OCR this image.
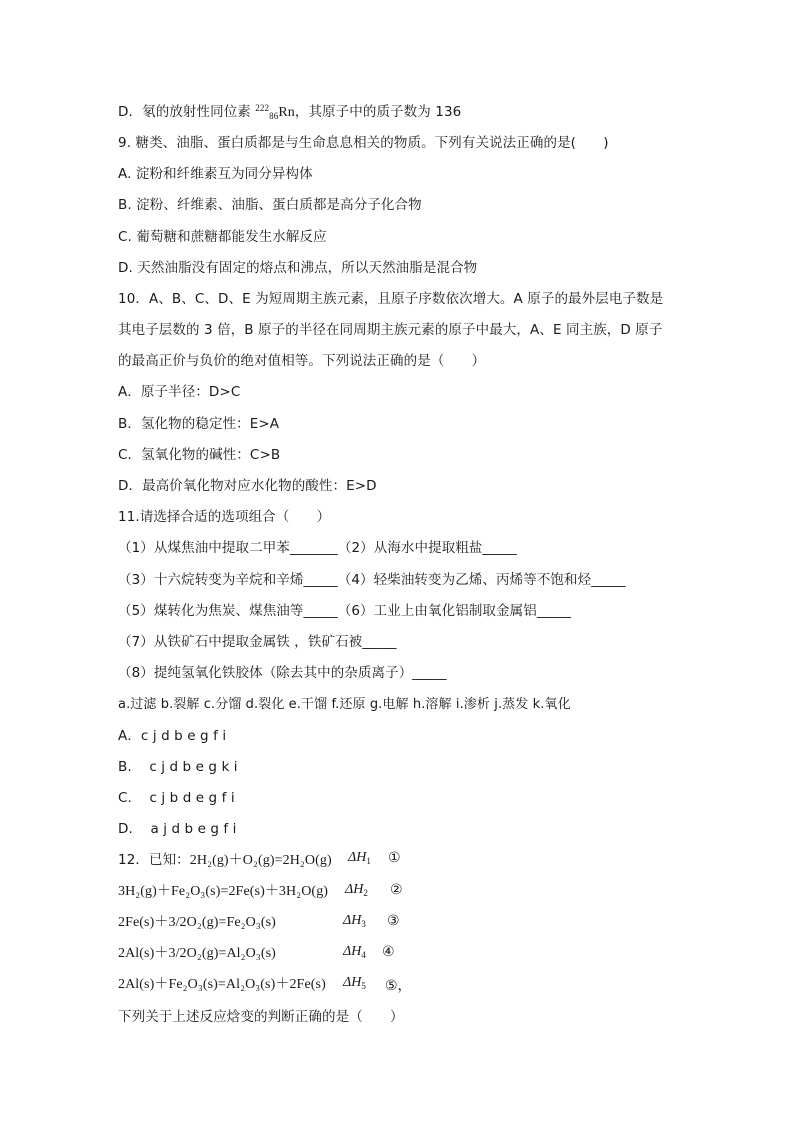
D．氡的放射性同位素 $^{222}_{86}$Rn，其原子中的质子数为 136
9. 糖类、油脂、蛋白质都是与生命息息相关的物质。下列有关说法正确的是(　　)
A. 淀粉和纤维素互为同分异构体
B. 淀粉、纤维素、油脂、蛋白质都是高分子化合物
C. 葡萄糖和蔗糖都能发生水解反应
D. 天然油脂没有固定的熔点和沸点，所以天然油脂是混合物
10．A、B、C、D、E 为短周期主族元素，且原子序数依次增大。A 原子的最外层电子数是
其电子层数的 3 倍，B 原子的半径在同周期主族元素的原子中最大，A、E 同主族，D 原子
的最高正价与负价的绝对值相等。下列说法正确的是（　　）
A．原子半径：D>C
B．氢化物的稳定性：E>A
C．氢氧化物的碱性：C>B
D．最高价氧化物对应水化物的酸性：E>D
11.请选择合适的选项组合（　　）
（1）从煤焦油中提取二甲苯_______（2）从海水中提取粗盐_____
（3）十六烷转变为辛烷和辛烯_____（4）轻柴油转变为乙烯、丙烯等不饱和烃_____
（5）煤转化为焦炭、煤焦油等_____（6）工业上由氧化铝制取金属铝_____
（7）从铁矿石中提取金属铁 ，铁矿石被_____
（8）提纯氢氧化铁胶体（除去其中的杂质离子）_____
a.过滤 b.裂解 c.分馏 d.裂化 e.干馏 f.还原 g.电解 h.溶解 i.渗析 j.蒸发 k.氧化
A．c j d b e g f i
B.    c j d b e g k i
C.    c j b d e g f i
D.    a j d b e g f i
12．已知：2H₂(g)＋O₂(g)=2H₂O(g) $\Delta H_1$ ①
3H₂(g)＋Fe₂O₃(s)=2Fe(s)＋3H₂O(g) $\Delta H_2$ ②
2Fe(s)＋3/2O₂(g)=Fe₂O₃(s)	$\Delta H_3$ ③
2Al(s)＋3/2O₂(g)=Al₂O₃(s)	$\Delta H_4$ ④
2Al(s)＋Fe₂O₃(s)=Al₂O₃(s)＋2Fe(s) $\Delta H_5$ ⑤，
下列关于上述反应焓变的判断正确的是（　　）
